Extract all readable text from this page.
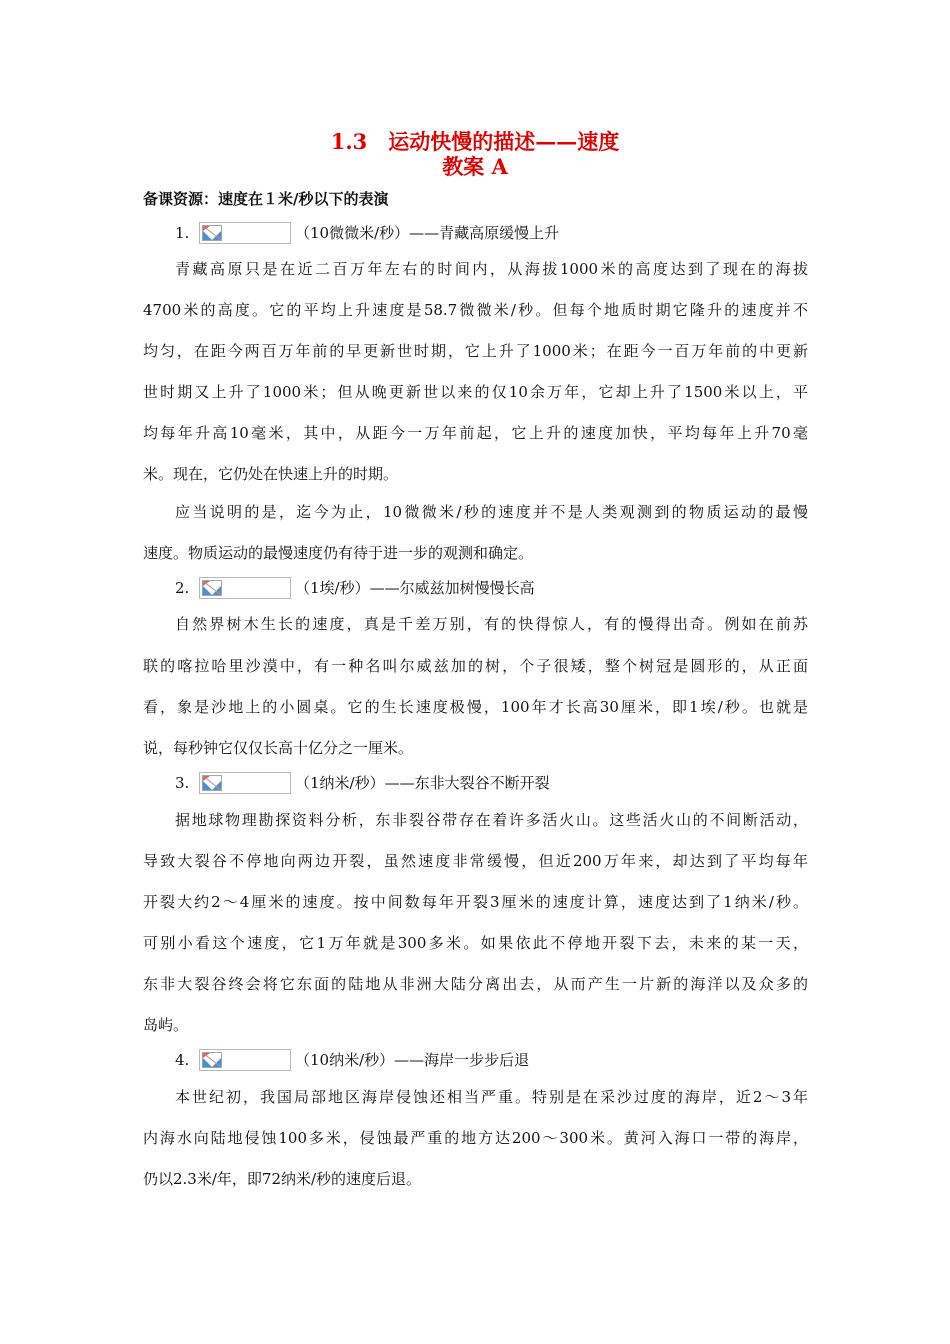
1.3　运动快慢的描述——速度
教案 A
备课资源：速度在１米/秒以下的表演
1.	（10微微米/秒）——青藏高原缓慢上升
青藏高原只是在近二百万年左右的时间内，从海拔1000米的高度达到了现在的海拔
4700米的高度。它的平均上升速度是58.7微微米/秒。但每个地质时期它隆升的速度并不
均匀，在距今两百万年前的早更新世时期，它上升了1000米；在距今一百万年前的中更新
世时期又上升了1000米；但从晚更新世以来的仅10余万年，它却上升了1500米以上，平
均每年升高10毫米，其中，从距今一万年前起，它上升的速度加快，平均每年上升70毫
米。现在，它仍处在快速上升的时期。
应当说明的是，迄今为止，10微微米/秒的速度并不是人类观测到的物质运动的最慢
速度。物质运动的最慢速度仍有待于进一步的观测和确定。
2.	（1埃/秒）——尔威兹加树慢慢长高
自然界树木生长的速度，真是千差万别，有的快得惊人，有的慢得出奇。例如在前苏
联的喀拉哈里沙漠中，有一种名叫尔威兹加的树，个子很矮，整个树冠是圆形的，从正面
看，象是沙地上的小圆桌。它的生长速度极慢，100年才长高30厘米，即1埃/秒。也就是
说，每秒钟它仅仅长高十亿分之一厘米。
3.	（1纳米/秒）——东非大裂谷不断开裂
据地球物理勘探资料分析，东非裂谷带存在着许多活火山。这些活火山的不间断活动，
导致大裂谷不停地向两边开裂，虽然速度非常缓慢，但近200万年来，却达到了平均每年
开裂大约2～4厘米的速度。按中间数每年开裂3厘米的速度计算，速度达到了1纳米/秒。
可别小看这个速度，它1万年就是300多米。如果依此不停地开裂下去，未来的某一天，
东非大裂谷终会将它东面的陆地从非洲大陆分离出去，从而产生一片新的海洋以及众多的
岛屿。
4.	（10纳米/秒）——海岸一步步后退
本世纪初，我国局部地区海岸侵蚀还相当严重。特别是在采沙过度的海岸，近2～3年
内海水向陆地侵蚀100多米，侵蚀最严重的地方达200～300米。黄河入海口一带的海岸，
仍以2.3米/年，即72纳米/秒的速度后退。
